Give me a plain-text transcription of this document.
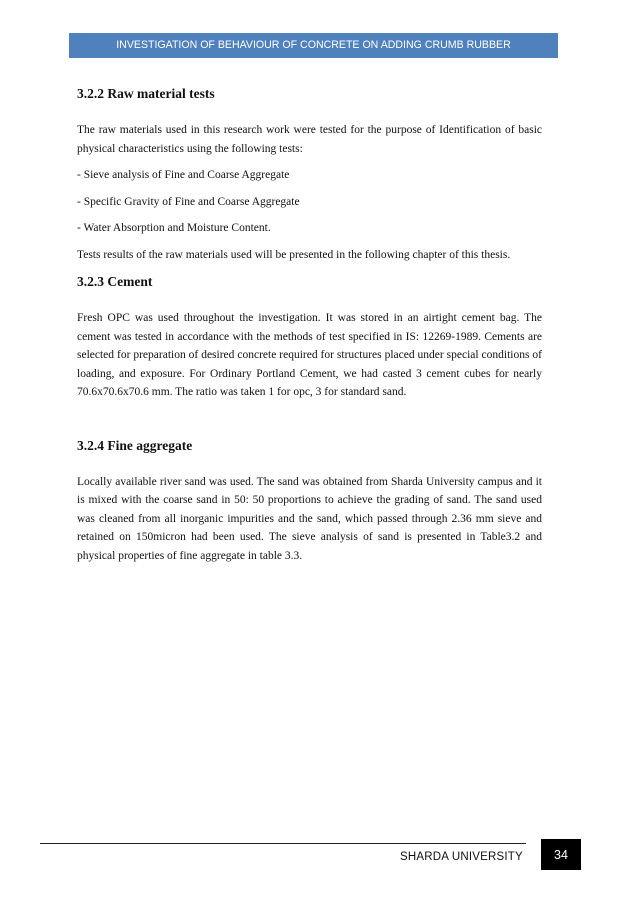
INVESTIGATION OF BEHAVIOUR OF CONCRETE ON ADDING CRUMB RUBBER
3.2.2 Raw material tests

The raw materials used in this research work were tested for the purpose of Identification of basic physical characteristics using the following tests:

- Sieve analysis of Fine and Coarse Aggregate

- Specific Gravity of Fine and Coarse Aggregate

- Water Absorption and Moisture Content.

Tests results of the raw materials used will be presented in the following chapter of this thesis.

3.2.3 Cement

Fresh OPC was used throughout the investigation. It was stored in an airtight cement bag. The cement was tested in accordance with the methods of test specified in IS: 12269-1989. Cements are selected for preparation of desired concrete required for structures placed under special conditions of loading, and exposure. For Ordinary Portland Cement, we had casted 3 cement cubes for nearly 70.6x70.6x70.6 mm. The ratio was taken 1 for opc, 3 for standard sand.

3.2.4 Fine aggregate

Locally available river sand was used. The sand was obtained from Sharda University campus and it is mixed with the coarse sand in 50: 50 proportions to achieve the grading of sand. The sand used was cleaned from all inorganic impurities and the sand, which passed through 2.36 mm sieve and retained on 150micron had been used. The sieve analysis of sand is presented in Table3.2 and physical properties of fine aggregate in table 3.3.

SHARDA UNIVERSITY	34
